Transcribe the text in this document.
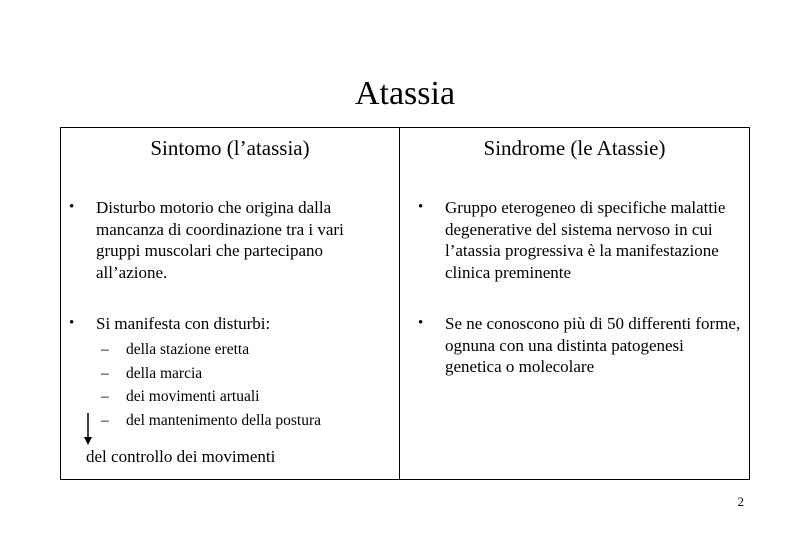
Atassia
Sintomo (l’atassia)
• Disturbo motorio che origina dalla mancanza di coordinazione tra i vari gruppi muscolari che partecipano all’azione.
• Si manifesta con disturbi:
– della stazione eretta
– della marcia
– dei movimenti artuali
– del mantenimento della postura
del controllo dei movimenti
Sindrome (le Atassie)
• Gruppo eterogeneo di specifiche malattie degenerative del sistema nervoso in cui l’atassia progressiva è la manifestazione clinica preminente
• Se ne conoscono più di 50 differenti forme, ognuna con una distinta patogenesi genetica o molecolare
2
